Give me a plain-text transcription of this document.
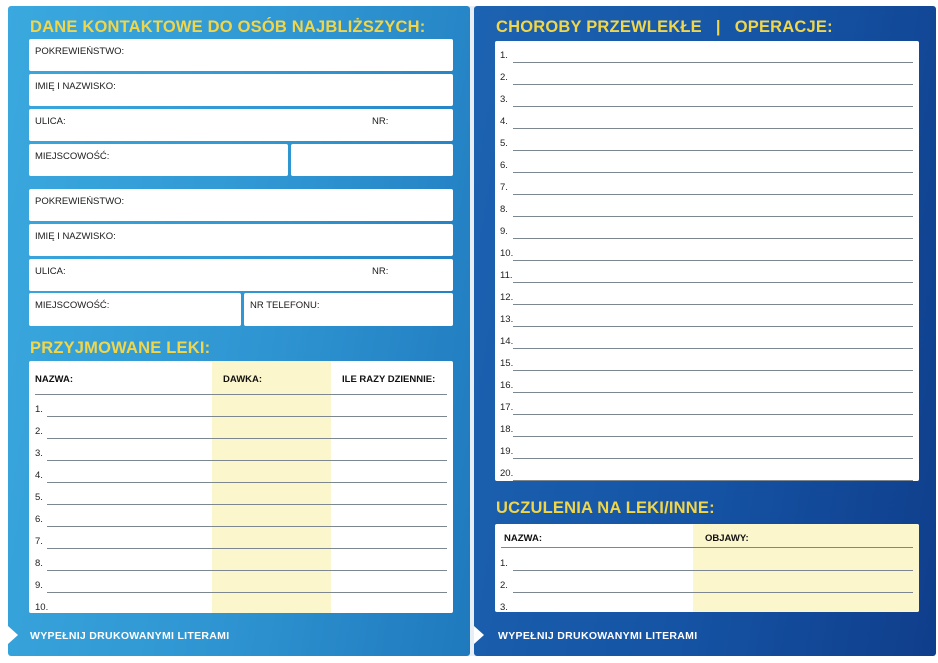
DANE KONTAKTOWE DO OSÓB NAJBLIŻSZYCH:
POKREWIEŃSTWO:
IMIĘ I NAZWISKO:
ULICA:	NR:
MIEJSCOWOŚĆ:
POKREWIEŃSTWO:
IMIĘ I NAZWISKO:
ULICA:	NR:
MIEJSCOWOŚĆ:	NR TELEFONU:
PRZYJMOWANE LEKI:
NAZWA:	DAWKA:	ILE RAZY DZIENNIE:
1.
2.
3.
4.
5.
6.
7.
8.
9.
10.
WYPEŁNIJ DRUKOWANYMI LITERAMI
CHOROBY PRZEWLEKŁE | OPERACJE:
1.
2.
3.
4.
5.
6.
7.
8.
9.
10.
11.
12.
13.
14.
15.
16.
17.
18.
19.
20.
UCZULENIA NA LEKI/INNE:
NAZWA:	OBJAWY:
1.
2.
3.
WYPEŁNIJ DRUKOWANYMI LITERAMI
